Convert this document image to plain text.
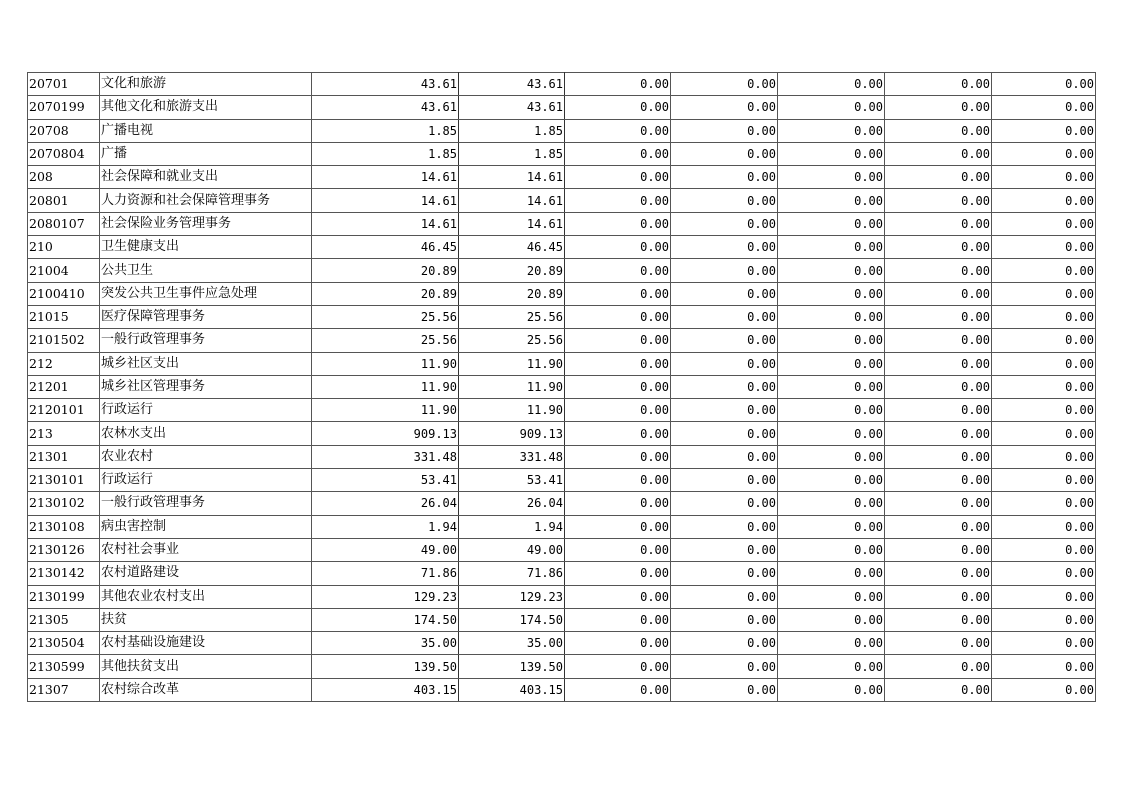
20701	文化和旅游	43.61	43.61	0.00	0.00	0.00	0.00	0.00
2070199	其他文化和旅游支出	43.61	43.61	0.00	0.00	0.00	0.00	0.00
20708	广播电视	1.85	1.85	0.00	0.00	0.00	0.00	0.00
2070804	广播	1.85	1.85	0.00	0.00	0.00	0.00	0.00
208	社会保障和就业支出	14.61	14.61	0.00	0.00	0.00	0.00	0.00
20801	人力资源和社会保障管理事务	14.61	14.61	0.00	0.00	0.00	0.00	0.00
2080107	社会保险业务管理事务	14.61	14.61	0.00	0.00	0.00	0.00	0.00
210	卫生健康支出	46.45	46.45	0.00	0.00	0.00	0.00	0.00
21004	公共卫生	20.89	20.89	0.00	0.00	0.00	0.00	0.00
2100410	突发公共卫生事件应急处理	20.89	20.89	0.00	0.00	0.00	0.00	0.00
21015	医疗保障管理事务	25.56	25.56	0.00	0.00	0.00	0.00	0.00
2101502	一般行政管理事务	25.56	25.56	0.00	0.00	0.00	0.00	0.00
212	城乡社区支出	11.90	11.90	0.00	0.00	0.00	0.00	0.00
21201	城乡社区管理事务	11.90	11.90	0.00	0.00	0.00	0.00	0.00
2120101	行政运行	11.90	11.90	0.00	0.00	0.00	0.00	0.00
213	农林水支出	909.13	909.13	0.00	0.00	0.00	0.00	0.00
21301	农业农村	331.48	331.48	0.00	0.00	0.00	0.00	0.00
2130101	行政运行	53.41	53.41	0.00	0.00	0.00	0.00	0.00
2130102	一般行政管理事务	26.04	26.04	0.00	0.00	0.00	0.00	0.00
2130108	病虫害控制	1.94	1.94	0.00	0.00	0.00	0.00	0.00
2130126	农村社会事业	49.00	49.00	0.00	0.00	0.00	0.00	0.00
2130142	农村道路建设	71.86	71.86	0.00	0.00	0.00	0.00	0.00
2130199	其他农业农村支出	129.23	129.23	0.00	0.00	0.00	0.00	0.00
21305	扶贫	174.50	174.50	0.00	0.00	0.00	0.00	0.00
2130504	农村基础设施建设	35.00	35.00	0.00	0.00	0.00	0.00	0.00
2130599	其他扶贫支出	139.50	139.50	0.00	0.00	0.00	0.00	0.00
21307	农村综合改革	403.15	403.15	0.00	0.00	0.00	0.00	0.00
